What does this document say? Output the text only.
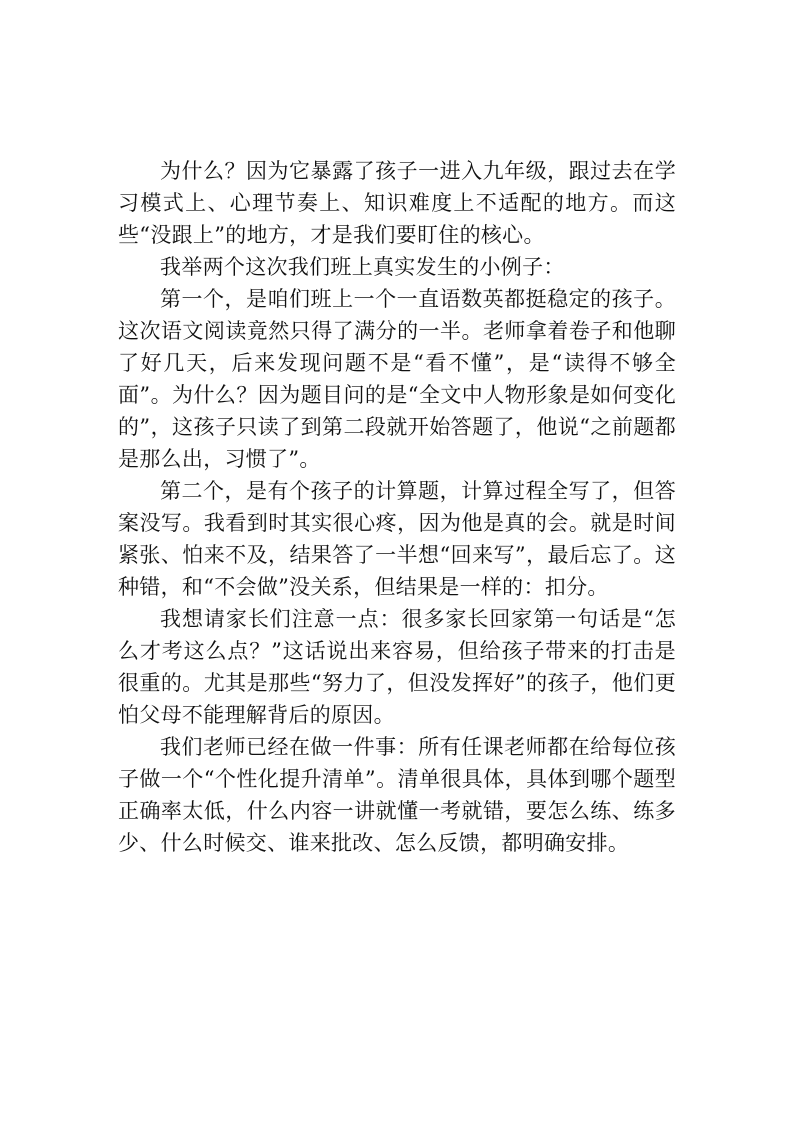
为什么？因为它暴露了孩子一进入九年级，跟过去在学习模式上、心理节奏上、知识难度上不适配的地方。而这些“没跟上”的地方，才是我们要盯住的核心。

我举两个这次我们班上真实发生的小例子：

第一个，是咱们班上一个一直语数英都挺稳定的孩子。这次语文阅读竟然只得了满分的一半。老师拿着卷子和他聊了好几天，后来发现问题不是“看不懂”，是“读得不够全面”。为什么？因为题目问的是“全文中人物形象是如何变化的”，这孩子只读了到第二段就开始答题了，他说“之前题都是那么出，习惯了”。

第二个，是有个孩子的计算题，计算过程全写了，但答案没写。我看到时其实很心疼，因为他是真的会。就是时间紧张、怕来不及，结果答了一半想“回来写”，最后忘了。这种错，和“不会做”没关系，但结果是一样的：扣分。

我想请家长们注意一点：很多家长回家第一句话是“怎么才考这么点？”这话说出来容易，但给孩子带来的打击是很重的。尤其是那些“努力了，但没发挥好”的孩子，他们更怕父母不能理解背后的原因。

我们老师已经在做一件事：所有任课老师都在给每位孩子做一个“个性化提升清单”。清单很具体，具体到哪个题型正确率太低，什么内容一讲就懂一考就错，要怎么练、练多少、什么时候交、谁来批改、怎么反馈，都明确安排。
